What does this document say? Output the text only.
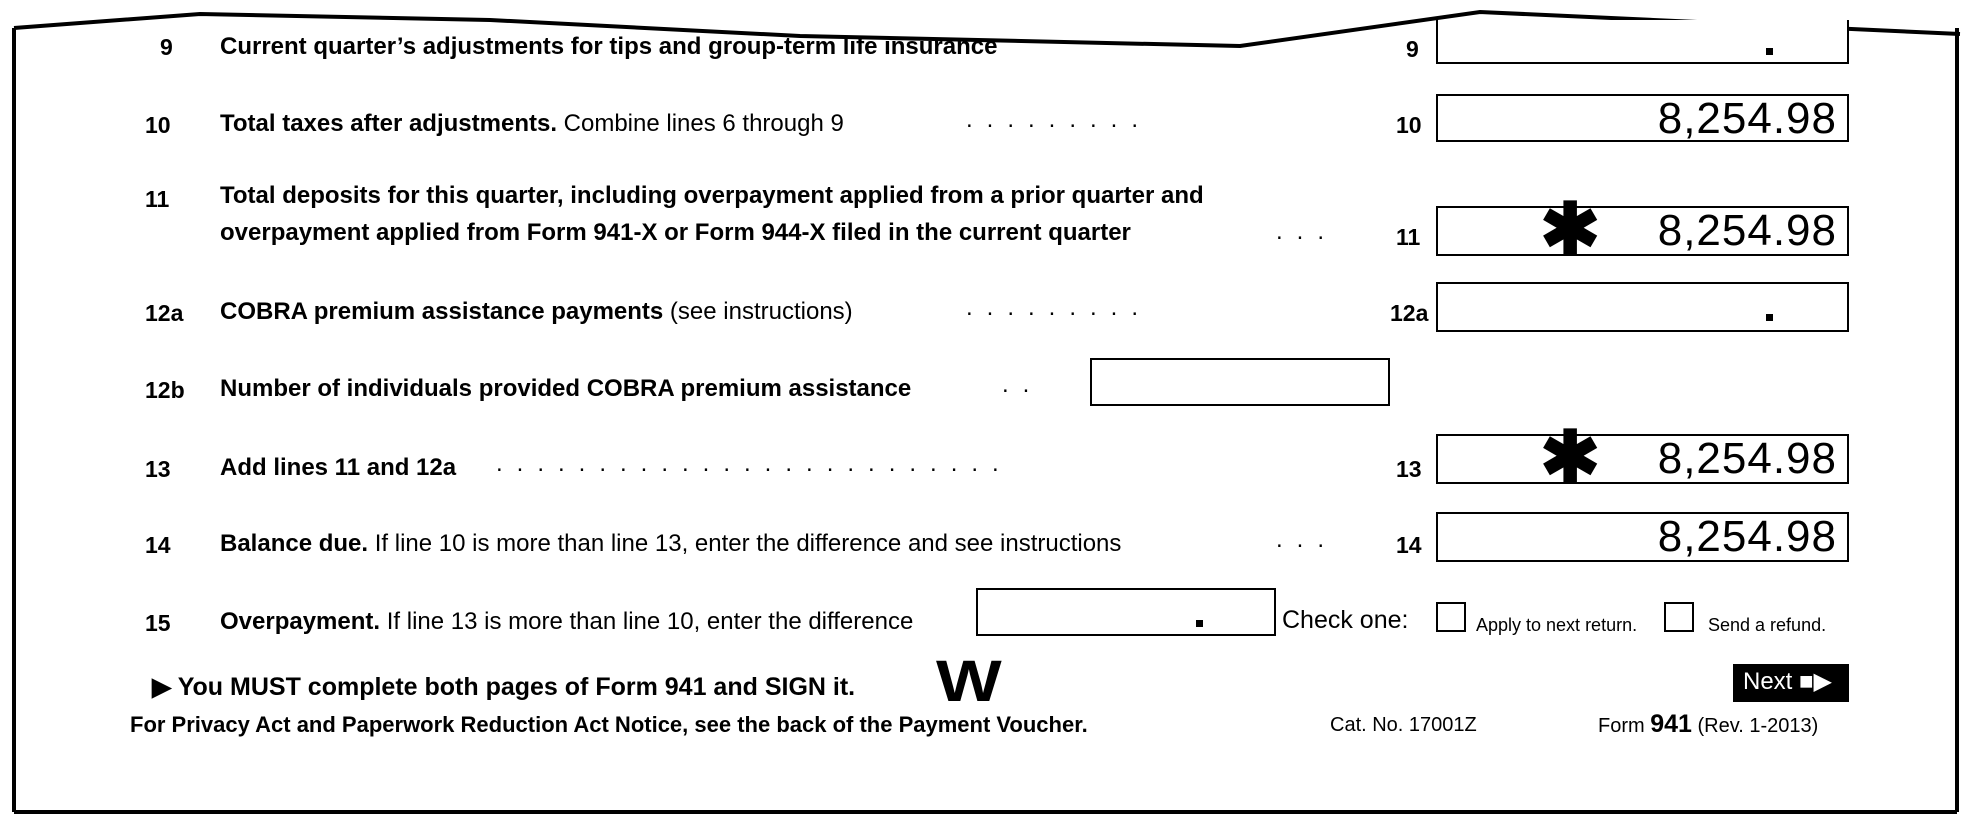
9 Current quarter’s adjustments for tips and group-term life insurance	9
10 Total taxes after adjustments. Combine lines 6 through 9	.........	10	8,254.98
11 Total deposits for this quarter, including overpayment applied from a prior quarter and
overpayment applied from Form 941-X or Form 944-X filed in the current quarter	...	11	8,254.98
✱
12a COBRA premium assistance payments (see instructions)	.........	12a
12b Number of individuals provided COBRA premium assistance	..
13 Add lines 11 and 12a .........................	13	8,254.98
✱
14 Balance due. If line 10 is more than line 13, enter the difference and see instructions	...	14	8,254.98
15 Overpayment. If line 13 is more than line 10, enter the difference	Check one:	Apply to next return.	Send a refund.
▶ You MUST complete both pages of Form 941 and SIGN it. W
For Privacy Act and Paperwork Reduction Act Notice, see the back of the Payment Voucher.	Cat. No. 17001Z	Form 941 (Rev. 1-2013)
Next ■▶
